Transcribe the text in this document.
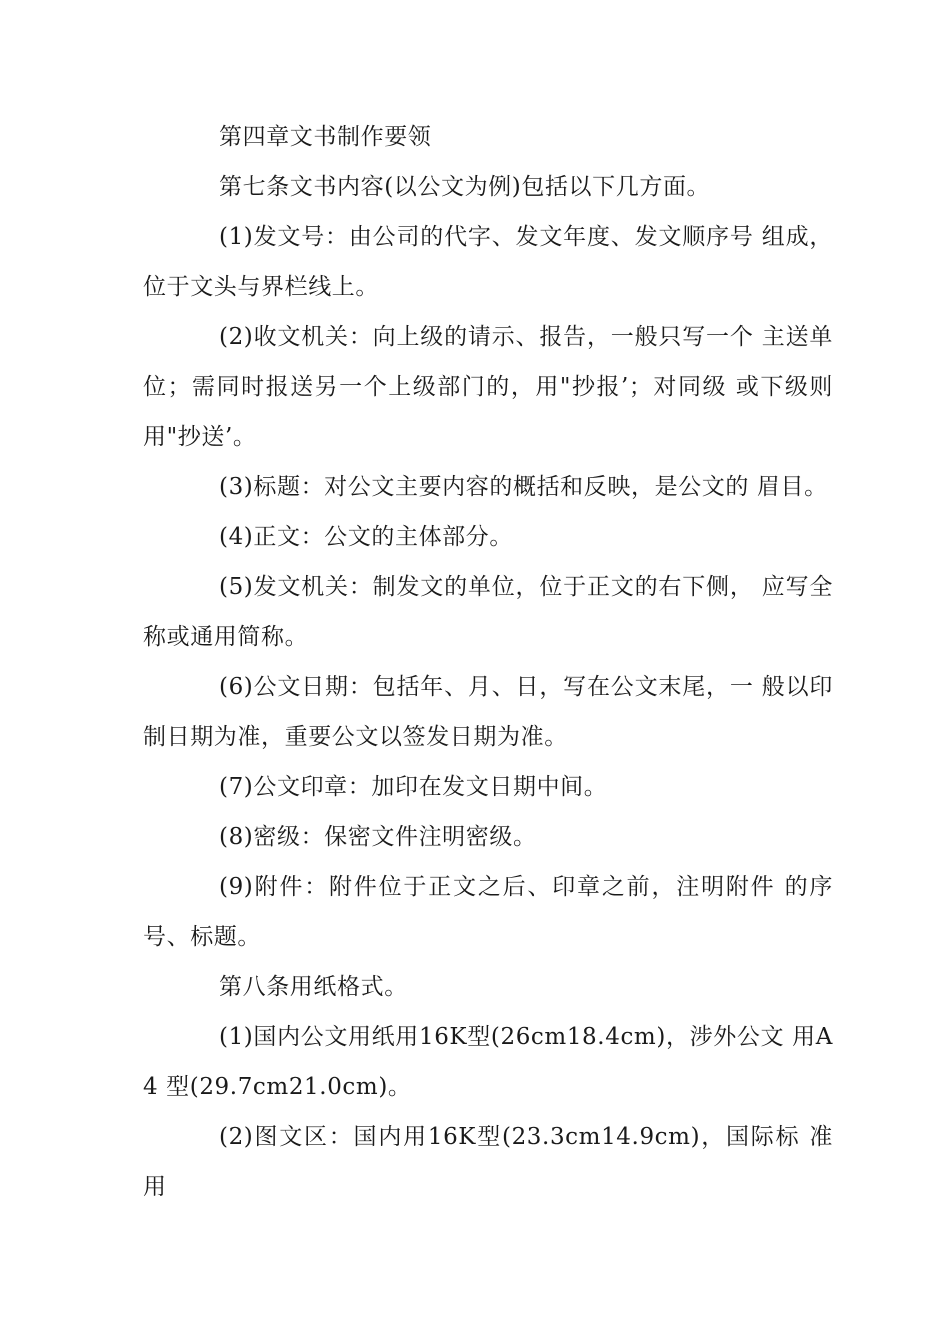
第四章文书制作要领

第七条文书内容(以公文为例)包括以下几方面。

(1)发文号：由公司的代字、发文年度、发文顺序号 组成，位于文头与界栏线上。

(2)收文机关：向上级的请示、报告，一般只写一个 主送单位；需同时报送另一个上级部门的，用"抄报’；对同级 或下级则用"抄送’。

(3)标题：对公文主要内容的概括和反映，是公文的 眉目。

(4)正文：公文的主体部分。

(5)发文机关：制发文的单位，位于正文的右下侧， 应写全称或通用简称。

(6)公文日期：包括年、月、日，写在公文末尾，一 般以印制日期为准，重要公文以签发日期为准。

(7)公文印章：加印在发文日期中间。

(8)密级：保密文件注明密级。

(9)附件：附件位于正文之后、印章之前，注明附件 的序号、标题。

第八条用纸格式。

(1)国内公文用纸用16K型(26cm18.4cm)，涉外公文 用A4 型(29.7cm21.0cm)。

(2)图文区：国内用16K型(23.3cm14.9cm)，国际标 准用
